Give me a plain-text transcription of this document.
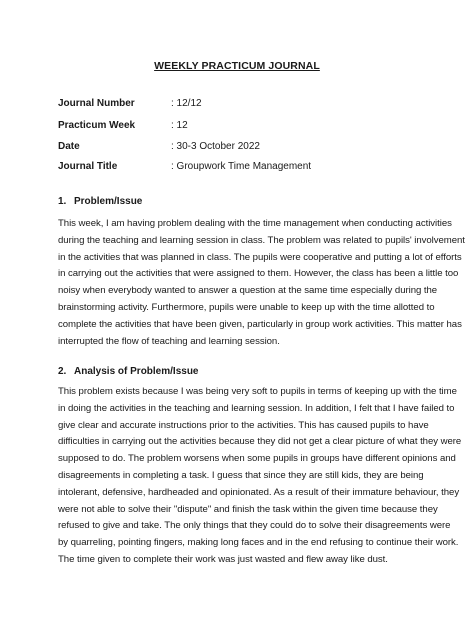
WEEKLY PRACTICUM JOURNAL
Journal Number	: 12/12
Practicum Week	: 12
Date	: 30-3 October 2022
Journal Title	: Groupwork Time Management
1. Problem/Issue
This week, I am having problem dealing with the time management when conducting activities
during the teaching and learning session in class. The problem was related to pupils' involvement
in the activities that was planned in class. The pupils were cooperative and putting a lot of efforts
in carrying out the activities that were assigned to them. However, the class has been a little too
noisy when everybody wanted to answer a question at the same time especially during the
brainstorming activity. Furthermore, pupils were unable to keep up with the time allotted to
complete the activities that have been given, particularly in group work activities. This matter has
interrupted the flow of teaching and learning session.
2. Analysis of Problem/Issue
This problem exists because I was being very soft to pupils in terms of keeping up with the time
in doing the activities in the teaching and learning session. In addition, I felt that I have failed to
give clear and accurate instructions prior to the activities. This has caused pupils to have
difficulties in carrying out the activities because they did not get a clear picture of what they were
supposed to do. The problem worsens when some pupils in groups have different opinions and
disagreements in completing a task. I guess that since they are still kids, they are being
intolerant, defensive, hardheaded and opinionated. As a result of their immature behaviour, they
were not able to solve their "dispute" and finish the task within the given time because they
refused to give and take. The only things that they could do to solve their disagreements were
by quarreling, pointing fingers, making long faces and in the end refusing to continue their work.
The time given to complete their work was just wasted and flew away like dust.
